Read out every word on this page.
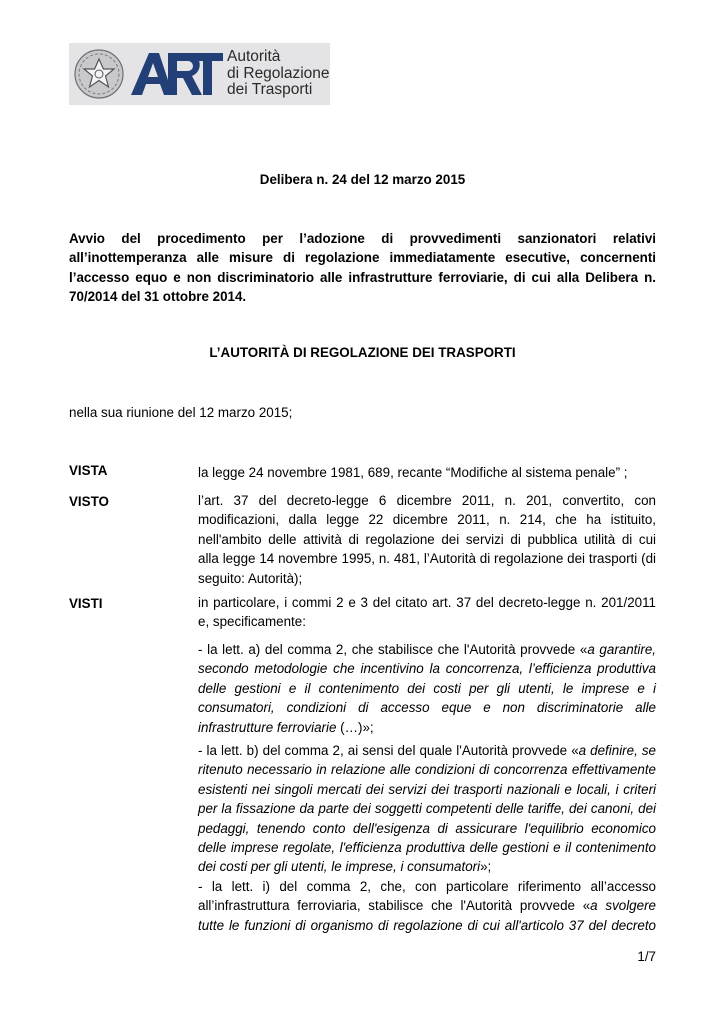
Autorità
di Regolazione
dei Trasporti
Delibera n. 24 del 12 marzo 2015
Avvio del procedimento per l’adozione di provvedimenti sanzionatori relativi all’inottemperanza alle misure di regolazione immediatamente esecutive, concernenti l’accesso equo e non discriminatorio alle infrastrutture ferroviarie, di cui alla Delibera n. 70/2014 del 31 ottobre 2014.
L’AUTORITÀ DI REGOLAZIONE DEI TRASPORTI
nella sua riunione del 12 marzo 2015;
VISTA	la legge 24 novembre 1981, 689, recante “Modifiche al sistema penale” ;
VISTO	l’art. 37 del decreto-legge 6 dicembre 2011, n. 201, convertito, con
modificazioni, dalla legge 22 dicembre 2011, n. 214, che ha istituito,
nell'ambito delle attività di regolazione dei servizi di pubblica utilità di cui
alla legge 14 novembre 1995, n. 481, l’Autorità di regolazione dei trasporti (di
seguito: Autorità);
VISTI	in particolare, i commi 2 e 3 del citato art. 37 del decreto-legge n. 201/2011
e, specificamente:
- la lett. a) del comma 2, che stabilisce che l'Autorità provvede «a garantire,
secondo metodologie che incentivino la concorrenza, l’efficienza produttiva
delle gestioni e il contenimento dei costi per gli utenti, le imprese e i
consumatori, condizioni di accesso eque e non discriminatorie alle
infrastrutture ferroviarie (…)»;
- la lett. b) del comma 2, ai sensi del quale l'Autorità provvede «a definire, se
ritenuto necessario in relazione alle condizioni di concorrenza effettivamente
esistenti nei singoli mercati dei servizi dei trasporti nazionali e locali, i criteri
per la fissazione da parte dei soggetti competenti delle tariffe, dei canoni, dei
pedaggi, tenendo conto dell'esigenza di assicurare l'equilibrio economico
delle imprese regolate, l'efficienza produttiva delle gestioni e il contenimento
dei costi per gli utenti, le imprese, i consumatori»;
- la lett. i) del comma 2, che, con particolare riferimento all’accesso
all’infrastruttura ferroviaria, stabilisce che l'Autorità provvede «a svolgere
tutte le funzioni di organismo di regolazione di cui all'articolo 37 del decreto
1/7
